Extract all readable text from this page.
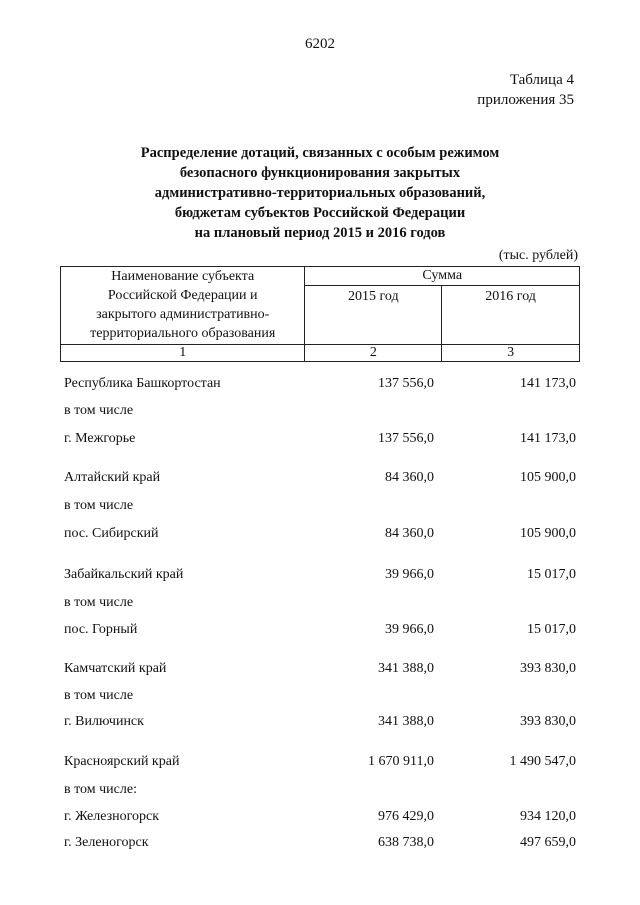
6202
Таблица 4
приложения 35
Распределение дотаций, связанных с особым режимом
безопасного функционирования закрытых
административно-территориальных образований,
бюджетам субъектов Российской Федерации
на плановый период 2015 и 2016 годов
(тыс. рублей)
Наименование субъекта
Российской Федерации и
закрытого административно-
территориального образования	Сумма	
	2015 год	2016 год
1	2	3
Республика Башкортостан	137 556,0	141 173,0
в том числе
г. Межгорье	137 556,0	141 173,0
Алтайский край	84 360,0	105 900,0
в том числе
пос. Сибирский	84 360,0	105 900,0
Забайкальский край	39 966,0	15 017,0
в том числе
пос. Горный	39 966,0	15 017,0
Камчатский край	341 388,0	393 830,0
в том числе
г. Вилючинск	341 388,0	393 830,0
Красноярский край	1 670 911,0	1 490 547,0
в том числе:
г. Железногорск	976 429,0	934 120,0
г. Зеленогорск	638 738,0	497 659,0
